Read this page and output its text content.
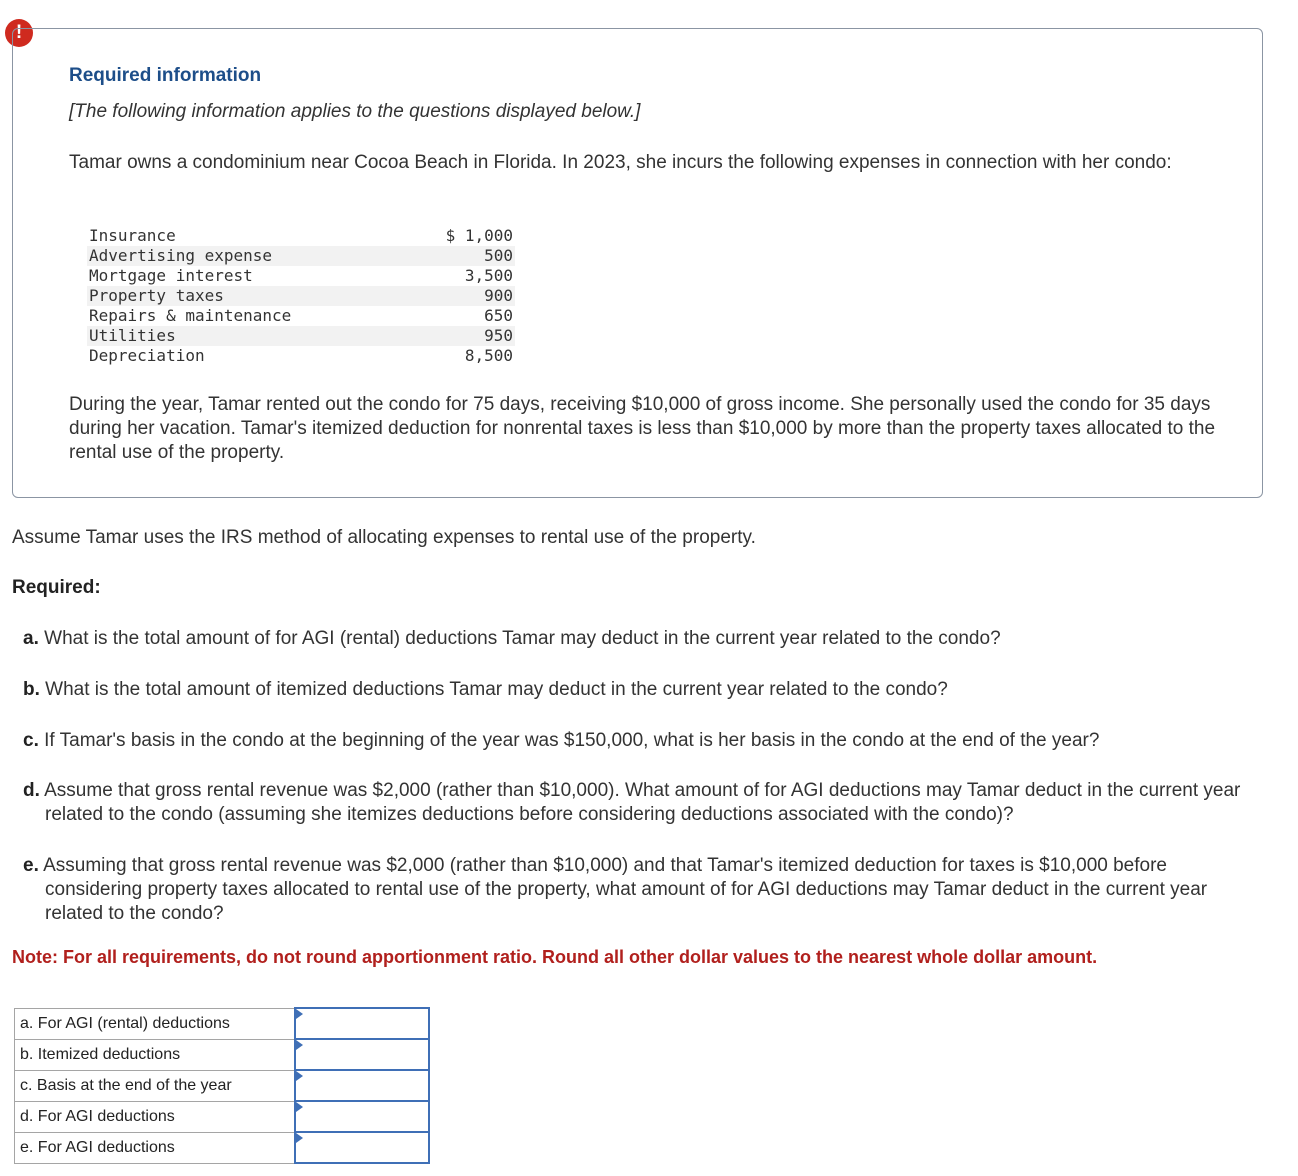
!
Required information
[The following information applies to the questions displayed below.]
Tamar owns a condominium near Cocoa Beach in Florida. In 2023, she incurs the following expenses in connection with her condo:
Insurance	$ 1,000
Advertising expense	500
Mortgage interest	3,500
Property taxes	900
Repairs & maintenance	650
Utilities	950
Depreciation	8,500
During the year, Tamar rented out the condo for 75 days, receiving $10,000 of gross income. She personally used the condo for 35 days during her vacation. Tamar's itemized deduction for nonrental taxes is less than $10,000 by more than the property taxes allocated to the rental use of the property.
Assume Tamar uses the IRS method of allocating expenses to rental use of the property.
Required:
a. What is the total amount of for AGI (rental) deductions Tamar may deduct in the current year related to the condo?
b. What is the total amount of itemized deductions Tamar may deduct in the current year related to the condo?
c. If Tamar's basis in the condo at the beginning of the year was $150,000, what is her basis in the condo at the end of the year?
d. Assume that gross rental revenue was $2,000 (rather than $10,000). What amount of for AGI deductions may Tamar deduct in the current year related to the condo (assuming she itemizes deductions before considering deductions associated with the condo)?
e. Assuming that gross rental revenue was $2,000 (rather than $10,000) and that Tamar's itemized deduction for taxes is $10,000 before considering property taxes allocated to rental use of the property, what amount of for AGI deductions may Tamar deduct in the current year related to the condo?
Note: For all requirements, do not round apportionment ratio. Round all other dollar values to the nearest whole dollar amount.
a. For AGI (rental) deductions	

b. Itemized deductions	

c. Basis at the end of the year	

d. For AGI deductions	

e. For AGI deductions	
